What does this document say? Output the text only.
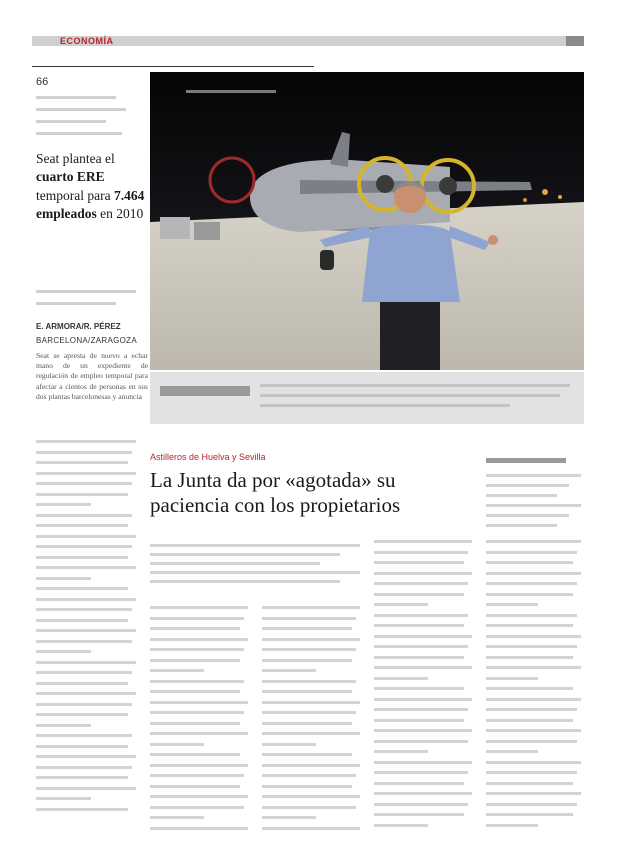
ECONOMÍA
66
Seat plantea el cuarto ERE temporal para 7.464 empleados en 2010
E. ARMORA/R. PÉREZ
BARCELONA/ZARAGOZA
Seat se apresta de nuevo a echar mano de un expediente de regulación de empleo temporal para afectar a cientos de personas en sus dos plantas barcelonesas y anuncia
Astilleros de Huelva y Sevilla
La Junta da por «agotada» su
paciencia con los propietarios
